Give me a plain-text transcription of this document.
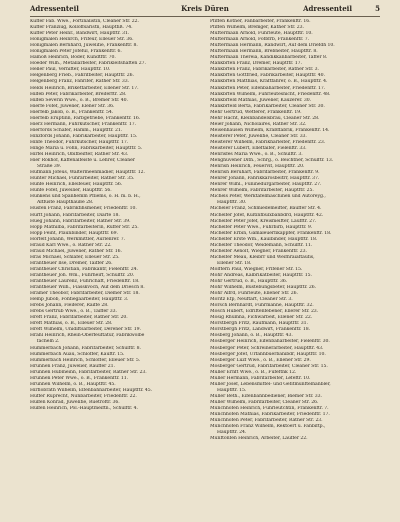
Adressenteil	Kreis Düren	Adressenteil	5
Küffer Fab. Wwe., Fortinalistin, Cleaner Str. 22.
Küffer Franziug, Kolloffsaristn, Hauptfiß. 74.
Küffer Peter Heinr., Bandwirt, Hauptftr. 31.
Honigmalen Heinrch, Frifeur, Elleuer Str. 36.
Honigmalen Bernhard, Juwelifie, Frankenftr. 8.
Honigmalen Peter Jofeful, Frankenftr. 6.
Hamöß Heinrich, Böder, Kundtftr. 70.
Hoeder Wilh., Metallarbeiter, Fabrikleitshaften 27.
Heller Paul, Vernifter, Hauptftr. 10.
Helgenberg Frieb., Fahrifbeiter, Hauptftr. 26.
Helgenberg Franz, Fahrifer, Rather Str. 33.
Helds Heinrich, Brikettarbeiter, Ellener Str. 17.
Hilfeb Peter, Fabrikarbeiter, Breiferftr. 28.
Hilfeb Severin Wwe., o. B., Bremer Str. 40.
Hierfe Fofef, Juwelier, Elener Str. 36.
Hierfelb Jakob, o. B., Frankenftr. 54.
Hierfelb Eruptinn, Farbgetriebe, Frankenftr. 16.
Hierz Hermann, Fuhrkutscher, Frankenftr. 17.
Hierfords Schäfer, Hamm., Hauptftr. 21.
Hinzfords Johann, Fabrikarbeiter, Hauptftr. 15.
Hinfe Theodor, Fuhrkutscher, Hauptftr. 17.
Hinge Maria u. Fohn, Fabrikarbeiter, Hauptftr. 5.
Hirfel Heinrich, Obifbeifter, Rather Str. 43.
Hier Rokhof, Kaffenalfeiste u. Lehrer, Cleaner
Straße 39.
Hufmann Jofeus, Waltermeenmadier, Hauptftr. 12.
Hunter Michael, Fuhrarbeiter, Rather Str. 35.
Hunfe Heinrich, Elleifeuer, Hauptftr. 56.
Hunfe Fofef, Juweilier, Hauptftr. 56.
Hunkens und Spanhemm Pfliems, o. H. m. b. H.,
Altfuste Haupthauße 28.
Husfen Franz, Fabrikfihsmener, Friedenftr. 10.
Hurft Johann, Fabrifarbeiter, Diarfe 18.
Hueg Johann, Fabrifarbeiter, Rather Str. 39.
Hopp Mathilba, Fabrifarbeiterin, Ruffer Str. 25.
Hopp Feint, Plaunbinder, Hauptftr. 69.
Horfelt Johann, Werkmittler, Aurlenrer. 7.
Hraud Karl Wwe., o. Rather Str. 22.
Hraud Michael, Juwelier, Rather Str. 16.
Hras Michael, Schlafer, Elleuer Str. 25.
Hrantheuer Ilse, Dremer, Taiffer 26.
Hrantheuer Christian, Fabrikantr, Fielenftr. 24.
Hrantheuer Joh. Wm., Fuhrheirf, Schulftr. 20.
Hrantheuer Laurenz, Fuhrichaft, Friedenftr. 18.
Hrantheuer Wilh., Fiasskvoch, Auf dem Driesch 8.
Hramer Theobor, Fabrifarbeiter, Diemer Str. 18.
Hemp Jubob, Fonfiegaarbeiter, Hauptftr. 3.
Hrebs Johann, Fleiferer, Raiffe 28.
Hrebs Gertrub Wwe., o. B., Taiffer 33.
Hreft Franz, Fabrifarbeiter, Rather Str. 20.
Hreft Mathias, o. B., Elleuer Str. 28.
Hreft Wilhelm, Unidiftsarbeiter, Derener Str. 19.
Hrahl Heinrich, Rhein-Oberfeuftatur, Fabrikwolbe
fächeln 2.
Hummerbach Johann, Fabrifarbeiter, Schulftr. 8.
Hummerbach Auau, Schloffer, Kauftr. 15.
Hummerbach Heinrich, Schloffer, Elleuer Str. 5.
Hrunnen Franz, Juwelier, Rauffer 21.
Hrunnen Hubmeinn, Fabrifarbeiter, Rather Str. 23.
Hrunnen Peter Wwe., o. B., Frankenftr. 11.
Hrunnen Wilhelm, o. B., Hauptftr. 45.
Hirflobrath Wilhelm, Elfenbahnarbeiter, Hauptftr. 45.
Hüffer Ruprecht, Nunbarbeiter, Friedenftr. 22.
Hülfen Konrad, Juwelifie, Ruetroftr. 36.
Hülfen Heinrich, Pol.-Hauptmeiftn., Schulftr. 4.
Pfiffen Kötner, Fanbarbeiter, Frankenftr. 16.
Pfiffen Wilhelm, Bremger, Kather Str. 23.
Muftermaan Arnold, Fuhrleute, Hauptftr. 10.
Muftermaan Arnold, Fofbfrb, Frankenftr. 7.
Muftermaan Hermann, Randwirt, Auf dem Driefdh 10.
Muftermaan Hermann, Brebneiter, Hauptftr. 8.
Muftermaan Thereia, Kandikkanbarbeiter, Taffer 8.
Mankbrfen Franz, Dremer, Hauptftr. 17.
Mankbrfen Franz, Fabrikarbeiter, Rather Str. 3.
Mankbrfen Gottfried, Fabrikarbeiter, Hauptftr. 40.
Mankbrfen Matthias, Kraftfahrer, o. B., Hauptftr. 4.
Mankbrfen Peter, Eifenbaharbeiter, Friedenftr. 17.
Mankbrfen Wilhelm, Fuhrleutesnicht, Friedenftr. 48.
Mankbrfeld Mathias, Juwelier, Kauzerer. 30.
Mankbrfeld Berta, Fabrikarbeiter, Cleaner Str. 30.
Mehr Gertrud, Wetterer, Frankenftr. 19.
Mehr Hacht, Kleinbandelsbrau, Cleaner Str. 28.
Meier Johann, Nicholaires, Rather Str. 32.
Meisenhausen Wilhelm, Kraßffabrik, Frankenftr. 14.
Meisterer Peter, Juwelifie, Cleaner Str. 33.
Meisterer Wilhelm, Fabrikharleiter, Friedenftr. 23.
Meisterer Lubert, Elleftaifer, Fielenftr. 33.
Menrisfes Maria Wwe., o. B., Schulftr. 3.
Menghuvener Dith., Schrg., o. Beichtner, Schulftr. 13.
Menrish Heinrich, Feuervit, Hauptftr. 20.
Menrish Beruhart, Fabrifarbeiter, Frankenftr. 9.
Menrer Johann, Fahrikkarosbeitrr, Hauptftr. 37.
Menrer Wilhl., Funinedurgarbeiter, Hauptftr. 27.
Menrer Wilhelm, Fabrifarbeiter, Hauptftr. 25.
Michels Peter, Werktafelmaschinen und Autoreyg.,
Hauptftr. 30.
Micheler Franz, Schmiedemeifter, Bauffer Str. 4.
Michelfer Jofef, Kultinfbulxbanbdrd, Hauptftr. 42.
Michelfer Peter Jofef, Kreismeifter, Laufftr. 27.
Michelfer Peter Wwe., Fuhrbirb, Hauptftr. 9.
Michelfer Erbin, Gamaleuerfikappfer, Frankenftr. 18.
Michelfer Erste Wm., Kaulbinder, Hauptftr. 18.
Michelfer Theodor, Weidemann, Schulftr. 11.
Michelfer Aenolt, Wiegner, Frankenftr. 23.
Michelfer Meau, Kleibrr und Weifhraiaftaufis,
Ellener Str. 18.
Molftern Paul, Wiegner, Frlfener Str. 15.
Mohr Andreas, Kalbrikatbeiter, Hauptftr. 15.
Mohr Gertrud, o. B., Hauptftr. 36.
Mohr Wilhelm, Bustebungsbeter, Hauptftr. 26.
Mohr Alfrd, Fuhrleute, Ellener Str. 26.
Moritz Efp, Neuftart, Cleaner Str. 3.
Morsch Bernhardt, Fuhrmanne, Hauptftr. 32.
Mosch Hubert, Edriftenfebener, Ellerer Str. 23.
Mosig Rhumna, Fichwarbeit, Ellener Str. 22.
Mörstbergh Fritz, Raufmann, Hauptftr. 31.
Mörstbergh Fritz, Landwirt, Frankenftr. 18.
Mösberg Johann, o. B., Hauptftr. 43.
Mösberger Heinrich, Eifenbaharbeiter, Fielenftr. 30.
Mösberger Peter, Schreinerarbeiter, Hauptftr. 43.
Mösberger Jofef, Urfanhbuerbanibdr, Hauptftr. 10.
Mösberger Luzf Wwe., o. B., Ellener Str. 29.
Mösberger Gertrud, Fabrifarbeiter, Cleaner Str. 15.
Müller Ernft Wwe., o. B., Füfeftnk 12.
Müller Hermann, Fabrifarbeiter, Lefeftr. 10.
Müller Josef, Lebensmittel- und Gefitmunftelhänbler,
Hauptftr. 15.
Müller Beth., Eifenbahnbediener, Biemer Str. 33.
Müller Wilhelm, Fabrifarbeiter, Cleaner Str. 26.
Münchhöfen Heinrich, Fuhrleutchtin, Frankenftr. 7.
Münchhöfen Mathias, Fabrikarbeiter, Friedenftr. 17.
Münchhöfen Peter, Fabrifarbeiter, Rather Str. 23.
Münchhöfen Franz Wilhelm, Rektoert u. Fanbiftp.,
Hauptftr. 24.
Münftonfen Heinrich, Arbeiter, Lauffer 22.
